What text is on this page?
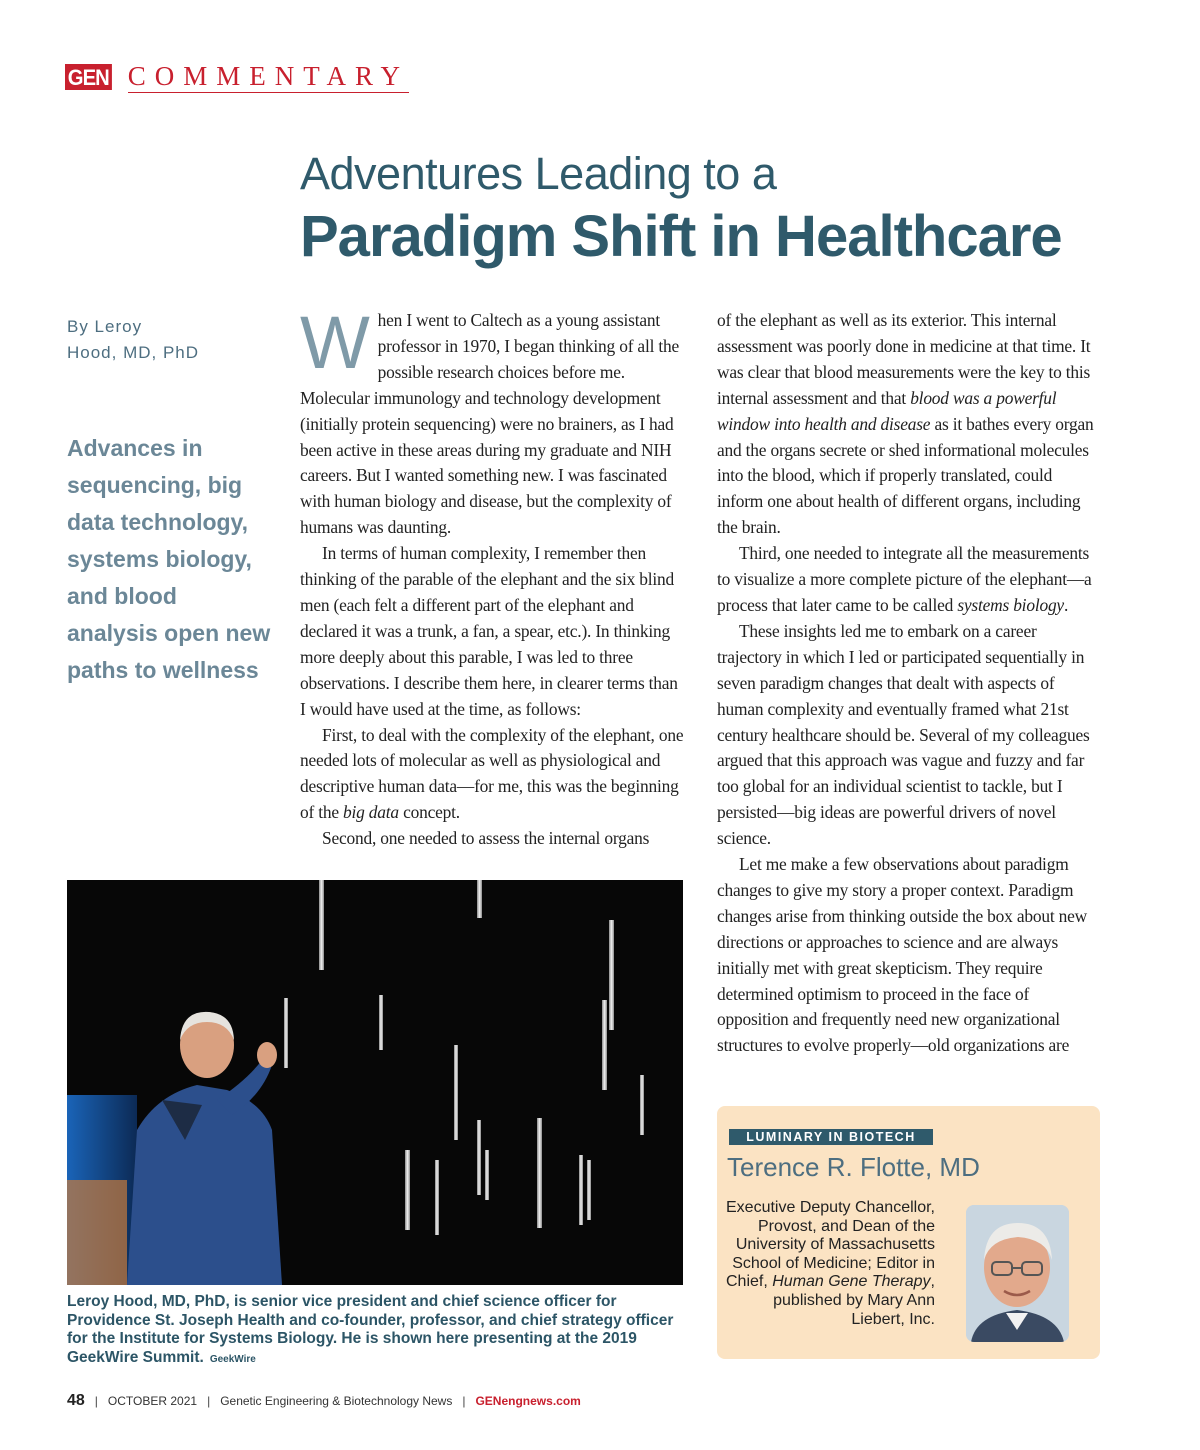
GEN COMMENTARY
Adventures Leading to a
Paradigm Shift in Healthcare
By Leroy
Hood, MD, PhD
Advances in sequencing, big data technology, systems biology, and blood analysis open new paths to wellness

When I went to Caltech as a young assistant professor in 1970, I began thinking of all the possible research choices before me. Molecular immunology and technology development (initially protein sequencing) were no brainers, as I had been active in these areas during my graduate and NIH careers. But I wanted something new. I was fascinated with human biology and disease, but the complexity of humans was daunting.

In terms of human complexity, I remember then thinking of the parable of the elephant and the six blind men (each felt a different part of the elephant and declared it was a trunk, a fan, a spear, etc.). In thinking more deeply about this parable, I was led to three observations. I describe them here, in clearer terms than I would have used at the time, as follows:

First, to deal with the complexity of the elephant, one needed lots of molecular as well as physiological and descriptive human data—for me, this was the beginning of the big data concept.

Second, one needed to assess the internal organs

of the elephant as well as its exterior. This internal assessment was poorly done in medicine at that time. It was clear that blood measurements were the key to this internal assessment and that blood was a powerful window into health and disease as it bathes every organ and the organs secrete or shed informational molecules into the blood, which if properly translated, could inform one about health of different organs, including the brain.

Third, one needed to integrate all the measurements to visualize a more complete picture of the elephant—a process that later came to be called systems biology.

These insights led me to embark on a career trajectory in which I led or participated sequentially in seven paradigm changes that dealt with aspects of human complexity and eventually framed what 21st century healthcare should be. Several of my colleagues argued that this approach was vague and fuzzy and far too global for an individual scientist to tackle, but I persisted—big ideas are powerful drivers of novel science.

Let me make a few observations about paradigm changes to give my story a proper context. Paradigm changes arise from thinking outside the box about new directions or approaches to science and are always initially met with great skepticism. They require determined optimism to proceed in the face of opposition and frequently need new organizational structures to evolve properly—old organizations are

Leroy Hood, MD, PhD, is senior vice president and chief science officer for Providence St. Joseph Health and co-founder, professor, and chief strategy officer for the Institute for Systems Biology. He is shown here presenting at the 2019 GeekWire Summit. GeekWire
LUMINARY IN BIOTECH
Terence R. Flotte, MD
Executive Deputy Chancellor, Provost, and Dean of the University of Massachusetts School of Medicine; Editor in Chief, Human Gene Therapy, published by Mary Ann Liebert, Inc.
48 | OCTOBER 2021 | Genetic Engineering & Biotechnology News | GENengnews.com
